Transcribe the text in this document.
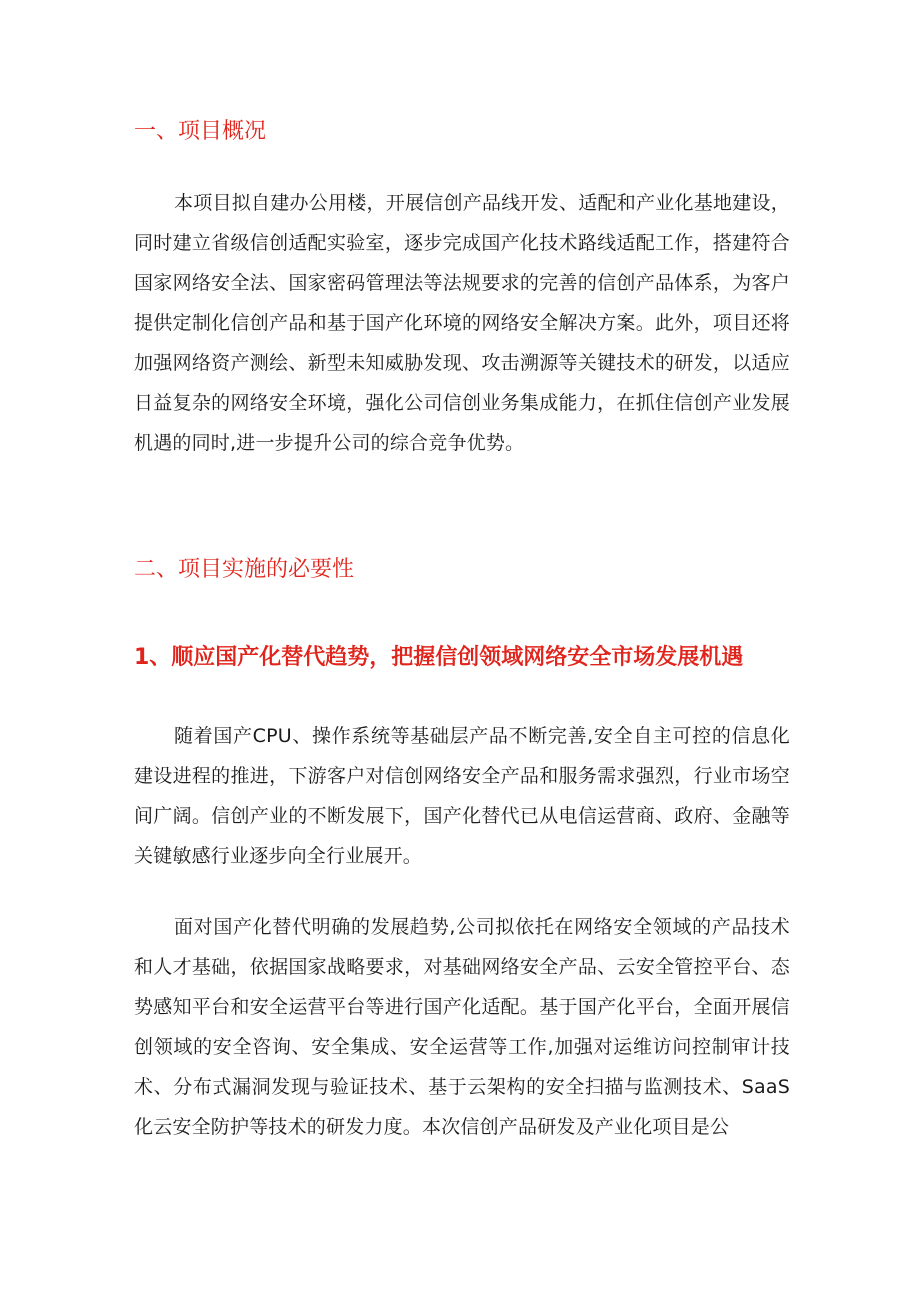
一、项目概况

本项目拟自建办公用楼，开展信创产品线开发、适配和产业化基地建设，同时建立省级信创适配实验室，逐步完成国产化技术路线适配工作，搭建符合国家网络安全法、国家密码管理法等法规要求的完善的信创产品体系，为客户提供定制化信创产品和基于国产化环境的网络安全解决方案。此外，项目还将加强网络资产测绘、新型未知威胁发现、攻击溯源等关键技术的研发，以适应日益复杂的网络安全环境，强化公司信创业务集成能力，在抓住信创产业发展机遇的同时,进一步提升公司的综合竞争优势。

二、项目实施的必要性
1、顺应国产化替代趋势，把握信创领域网络安全市场发展机遇

随着国产CPU、操作系统等基础层产品不断完善,安全自主可控的信息化建设进程的推进，下游客户对信创网络安全产品和服务需求强烈，行业市场空间广阔。信创产业的不断发展下，国产化替代已从电信运营商、政府、金融等关键敏感行业逐步向全行业展开。

面对国产化替代明确的发展趋势,公司拟依托在网络安全领域的产品技术和人才基础，依据国家战略要求，对基础网络安全产品、云安全管控平台、态势感知平台和安全运营平台等进行国产化适配。基于国产化平台，全面开展信创领域的安全咨询、安全集成、安全运营等工作,加强对运维访问控制审计技术、分布式漏洞发现与验证技术、基于云架构的安全扫描与监测技术、SaaS化云安全防护等技术的研发力度。本次信创产品研发及产业化项目是公
